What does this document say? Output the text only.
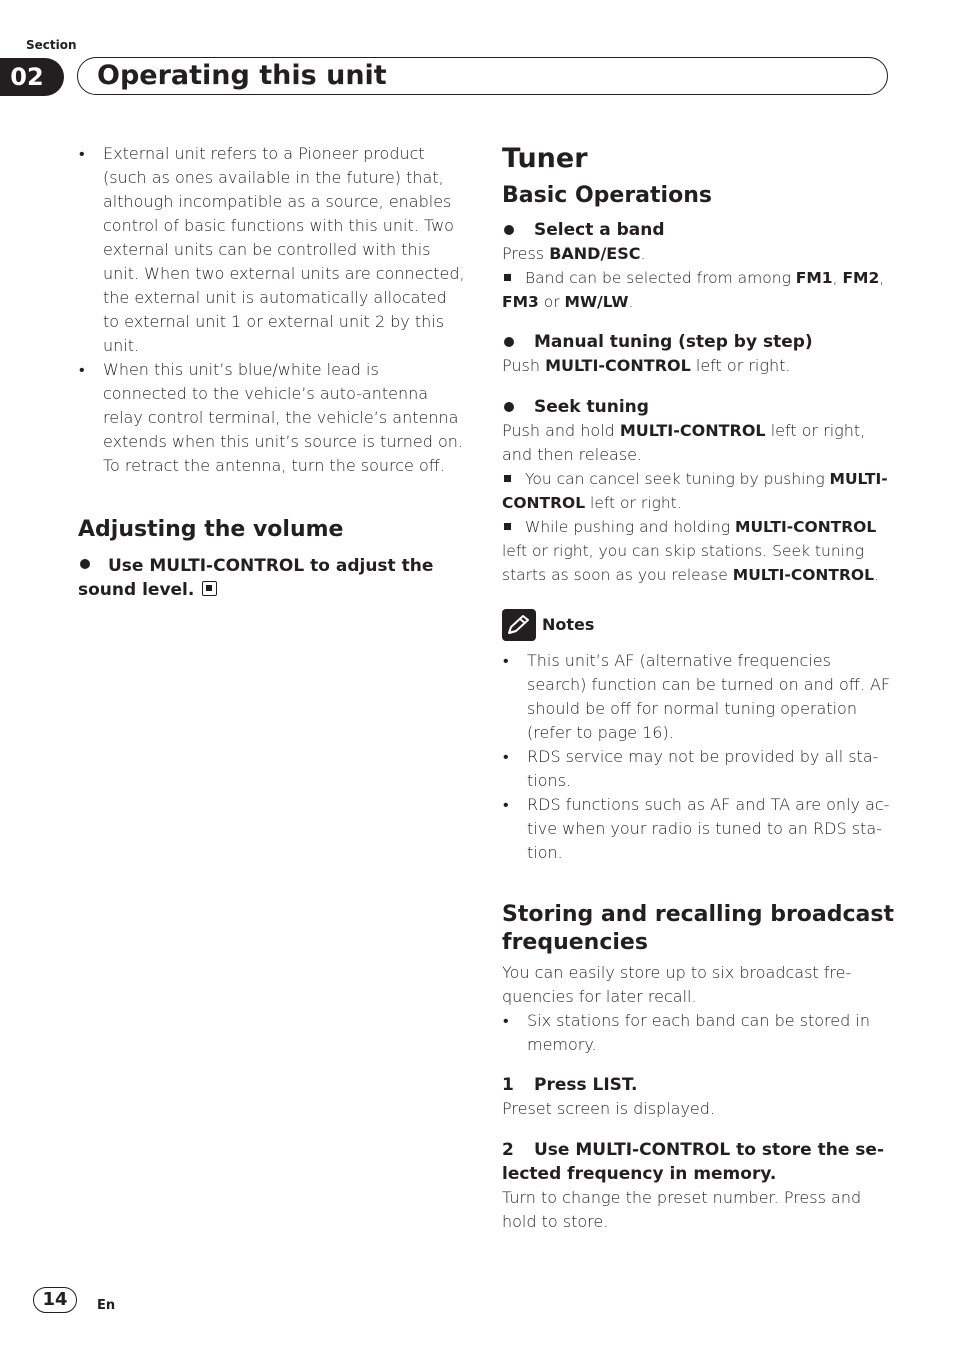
Section
02	Operating this unit
• External unit refers to a Pioneer product (such as ones available in the future) that, although incompatible as a source, enables control of basic functions with this unit. Two external units can be controlled with this unit. When two external units are connected, the external unit is automatically allocated to external unit 1 or external unit 2 by this unit.
• When this unit’s blue/white lead is connected to the vehicle’s auto-antenna relay control terminal, the vehicle’s antenna extends when this unit’s source is turned on. To retract the antenna, turn the source off.
Adjusting the volume
Use MULTI-CONTROL to adjust the sound level.
Tuner
Basic Operations
Select a band
Press BAND/ESC.
Band can be selected from among FM1, FM2,
FM3 or MW/LW.
Manual tuning (step by step)
Push MULTI-CONTROL left or right.
Seek tuning
Push and hold MULTI-CONTROL left or right, and then release.
You can cancel seek tuning by pushing MULTI-CONTROL left or right.
While pushing and holding MULTI-CONTROL left or right, you can skip stations. Seek tuning starts as soon as you release MULTI-CONTROL.
Notes
• This unit’s AF (alternative frequencies search) function can be turned on and off. AF should be off for normal tuning operation (refer to page 16).
• RDS service may not be provided by all sta-tions.
• RDS functions such as AF and TA are only ac-tive when your radio is tuned to an RDS sta-tion.
Storing and recalling broadcast frequencies
You can easily store up to six broadcast fre-quencies for later recall.
• Six stations for each band can be stored in memory.
1 Press LIST.
Preset screen is displayed.
2 Use MULTI-CONTROL to store the se-lected frequency in memory.
Turn to change the preset number. Press and hold to store.
14	En
